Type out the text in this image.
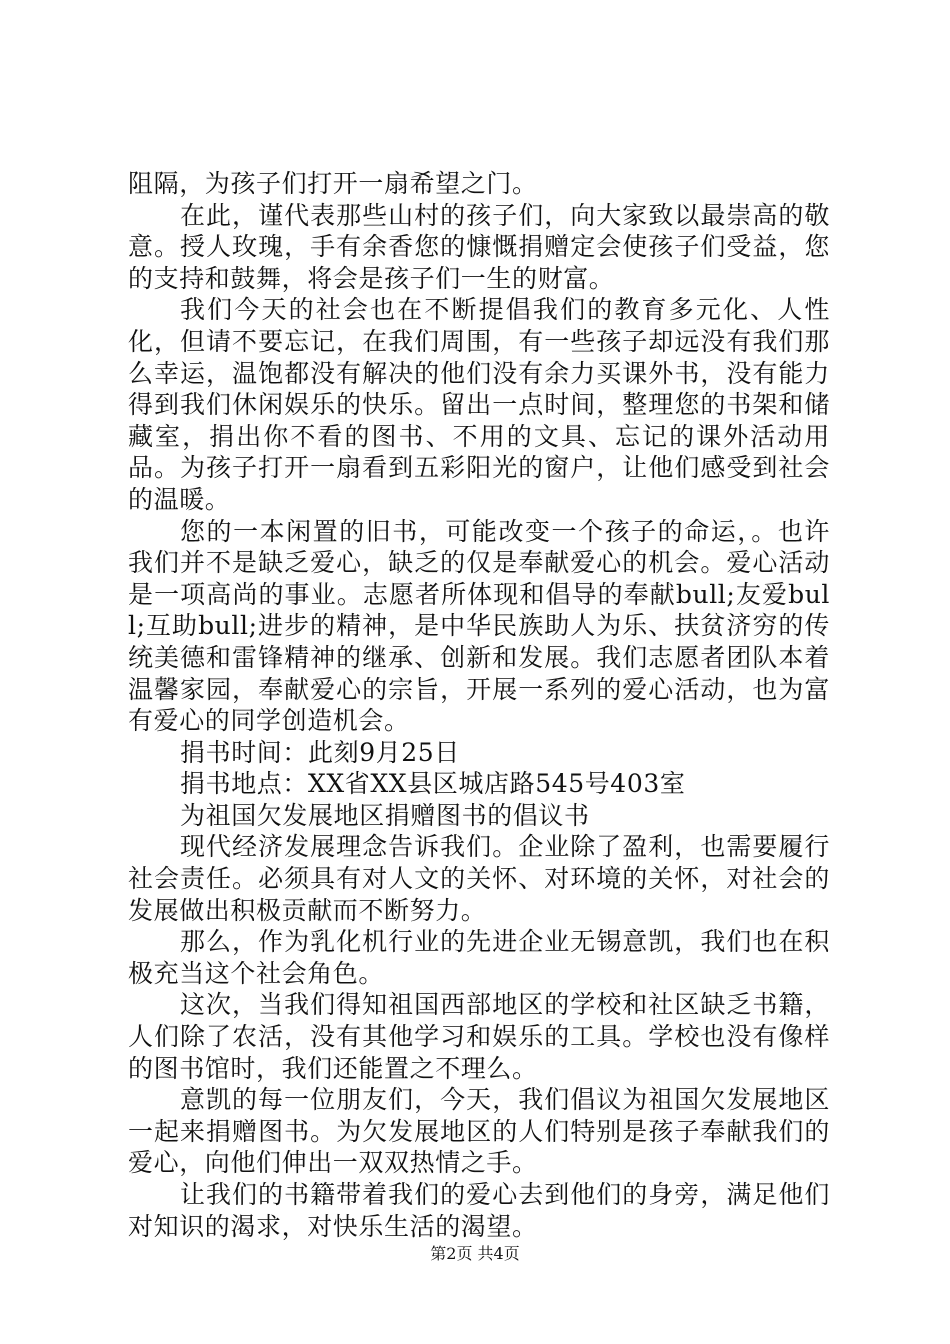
阻隔，为孩子们打开一扇希望之门。

在此，谨代表那些山村的孩子们，向大家致以最崇高的敬意。授人玫瑰，手有余香您的慷慨捐赠定会使孩子们受益，您的支持和鼓舞，将会是孩子们一生的财富。

我们今天的社会也在不断提倡我们的教育多元化、人性化，但请不要忘记，在我们周围，有一些孩子却远没有我们那么幸运，温饱都没有解决的他们没有余力买课外书，没有能力得到我们休闲娱乐的快乐。留出一点时间，整理您的书架和储藏室，捐出你不看的图书、不用的文具、忘记的课外活动用品。为孩子打开一扇看到五彩阳光的窗户，让他们感受到社会的温暖。

您的一本闲置的旧书，可能改变一个孩子的命运，。也许我们并不是缺乏爱心，缺乏的仅是奉献爱心的机会。爱心活动是一项高尚的事业。志愿者所体现和倡导的奉献bull;友爱bull;互助bull;进步的精神，是中华民族助人为乐、扶贫济穷的传统美德和雷锋精神的继承、创新和发展。我们志愿者团队本着温馨家园，奉献爱心的宗旨，开展一系列的爱心活动，也为富有爱心的同学创造机会。

捐书时间：此刻9月25日

捐书地点：XX省XX县区城店路545号403室

为祖国欠发展地区捐赠图书的倡议书

现代经济发展理念告诉我们。企业除了盈利，也需要履行社会责任。必须具有对人文的关怀、对环境的关怀，对社会的发展做出积极贡献而不断努力。

那么，作为乳化机行业的先进企业无锡意凯，我们也在积极充当这个社会角色。

这次，当我们得知祖国西部地区的学校和社区缺乏书籍，人们除了农活，没有其他学习和娱乐的工具。学校也没有像样的图书馆时，我们还能置之不理么。

意凯的每一位朋友们，今天，我们倡议为祖国欠发展地区一起来捐赠图书。为欠发展地区的人们特别是孩子奉献我们的爱心，向他们伸出一双双热情之手。

让我们的书籍带着我们的爱心去到他们的身旁，满足他们对知识的渴求，对快乐生活的渴望。

第2页 共4页
